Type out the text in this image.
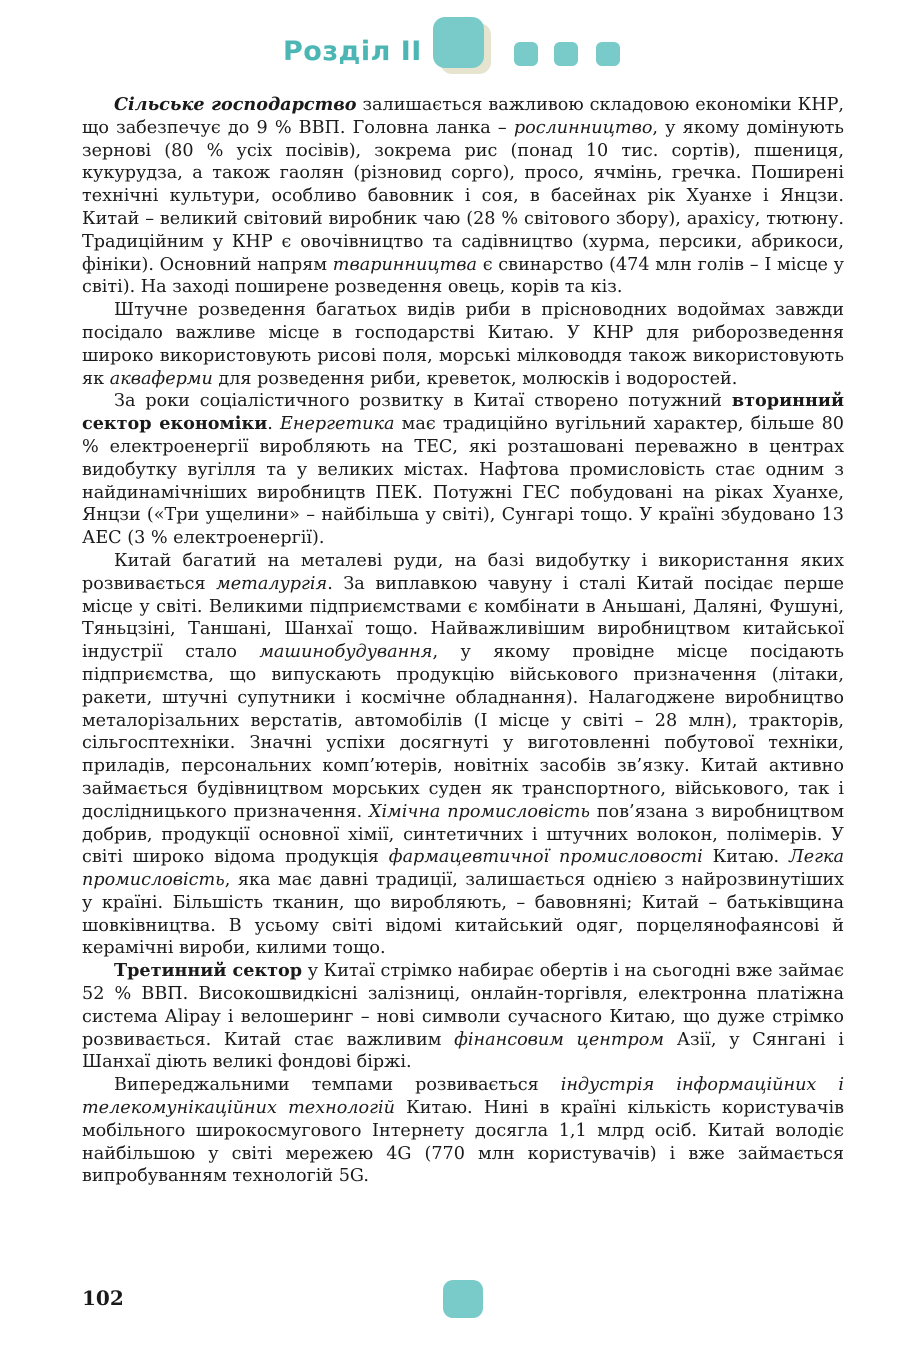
Розділ II

Сільське господарство залишається важливою складовою економіки КНР, що забезпечує до 9 % ВВП. Головна ланка – рослинництво, у якому домінують зернові (80 % усіх посівів), зокрема рис (понад 10 тис. сортів), пшениця, кукурудза, а також гаолян (різновид сорго), просо, ячмінь, гречка. Поширені технічні культури, особливо бавовник і соя, в басейнах рік Хуанхе і Янцзи. Китай – великий світовий виробник чаю (28 % світового збору), арахісу, тютюну. Традиційним у КНР є овочівництво та садівництво (хурма, персики, абрикоси, фініки). Основний напрям тваринництва є свинарство (474 млн голів – I місце у світі). На заході поширене розведення овець, корів та кіз.

Штучне розведення багатьох видів риби в прісноводних водоймах завжди посідало важливе місце в господарстві Китаю. У КНР для риборозведення широко використовують рисові поля, морські мілководдя також використовують як аквaферми для розведення риби, креветок, молюсків і водоростей.

За роки соціалістичного розвитку в Китаї створено потужний вторинний сектор економіки. Енергетика має традиційно вугільний характер, більше 80 % електроенергії виробляють на ТЕС, які розташовані переважно в центрах видобутку вугілля та у великих містах. Нафтова промисловість стає одним з найдинамічніших виробництв ПЕК. Потужні ГЕС побудовані на ріках Хуанхе, Янцзи («Три ущелини» – найбільша у світі), Сунгарі тощо. У країні збудовано 13 АЕС (3 % електроенергії).

Китай багатий на металеві руди, на базі видобутку і використання яких розвивається металургія. За виплавкою чавуну і сталі Китай посідає перше місце у світі. Великими підприємствами є комбінати в Аньшані, Даляні, Фушуні, Тяньцзіні, Таншані, Шанхаї тощо. Найважливішим виробництвом китайської індустрії стало машинобудування, у якому провідне місце посідають підприємства, що випускають продукцію військового призначення (літаки, ракети, штучні супутники і космічне обладнання). Налагоджене виробництво металорізальних верстатів, автомобілів (I місце у світі – 28 млн), тракторів, сільгосптехніки. Значні успіхи досягнуті у виготовленні побутової техніки, приладів, персональних комп’ютерів, новітніх засобів зв’язку. Китай активно займається будівництвом морських суден як транспортного, військового, так і дослідницького призначення. Хімічна промисловість пов’язана з виробництвом добрив, продукції основної хімії, синтетичних і штучних волокон, полімерів. У світі широко відома продукція фармацевтичної промисловості Китаю. Легка промисловість, яка має давні традиції, залишається однією з найрозвинутіших у країні. Більшість тканин, що виробляють, – бавовняні; Китай – батьківщина шовківництва. В усьому світі відомі китайський одяг, порцелянофаянсові й керамічні вироби, килими тощо.

Третинний сектор у Китаї стрімко набирає обертів і на сьогодні вже займає 52 % ВВП. Високошвидкісні залізниці, онлайн-торгівля, електронна платіжна система Alipay і велошеринг – нові символи сучасного Китаю, що дуже стрімко розвивається. Китай стає важливим фінансовим центром Азії, у Сянгані і Шанхаї діють великі фондові біржі.

Випереджальними темпами розвивається індустрія інформаційних і телекомунікаційних технологій Китаю. Нині в країні кількість користувачів мобільного широкосмугового Інтернету досягла 1,1 млрд осіб. Китай володіє найбільшою у світі мережею 4G (770 млн користувачів) і вже займається випробуванням технологій 5G.

102
